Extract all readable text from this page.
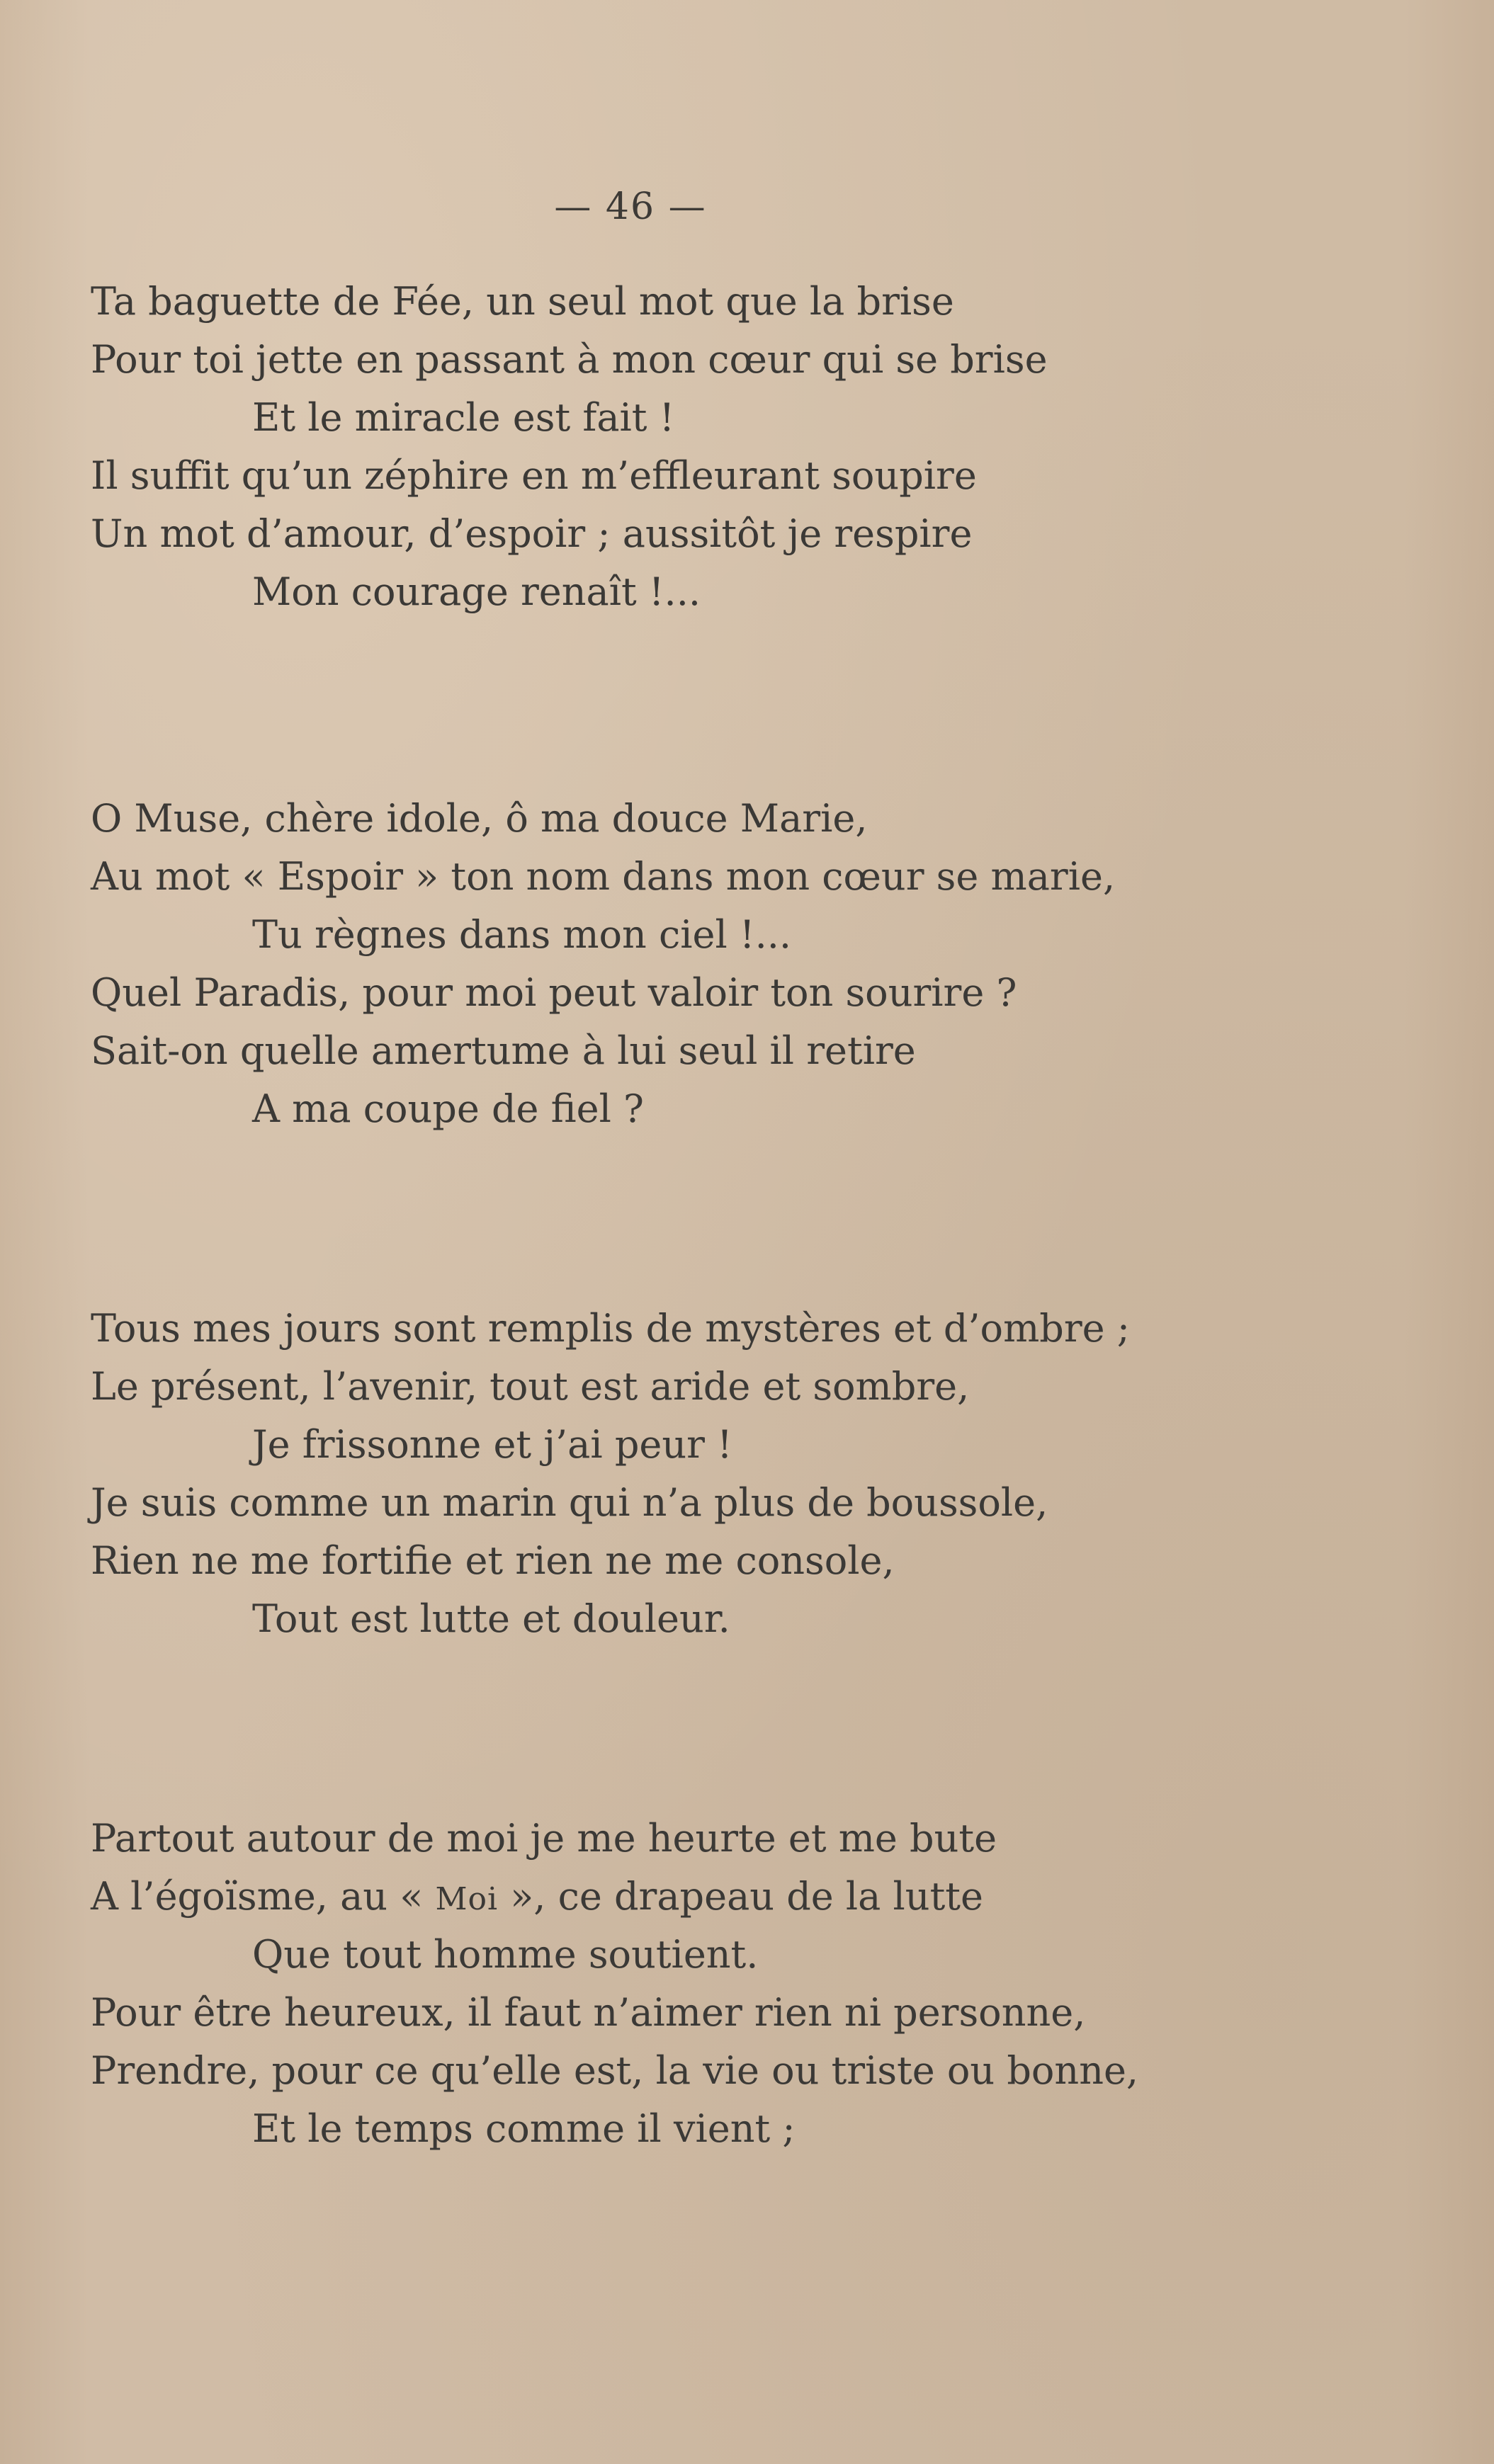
— 46 —
Ta baguette de Fée, un seul mot que la brise
Pour toi jette en passant à mon cœur qui se brise
Et le miracle est fait !
Il suffit qu’un zéphire en m’effleurant soupire
Un mot d’amour, d’espoir ; aussitôt je respire
Mon courage renaît !...
O Muse, chère idole, ô ma douce Marie,
Au mot « Espoir » ton nom dans mon cœur se marie,
Tu règnes dans mon ciel !...
Quel Paradis, pour moi peut valoir ton sourire ?
Sait-on quelle amertume à lui seul il retire
A ma coupe de fiel ?
Tous mes jours sont remplis de mystères et d’ombre ;
Le présent, l’avenir, tout est aride et sombre,
Je frissonne et j’ai peur !
Je suis comme un marin qui n’a plus de boussole,
Rien ne me fortifie et rien ne me console,
Tout est lutte et douleur.
Partout autour de moi je me heurte et me bute
A l’égoïsme, au « Moi », ce drapeau de la lutte
Que tout homme soutient.
Pour être heureux, il faut n’aimer rien ni personne,
Prendre, pour ce qu’elle est, la vie ou triste ou bonne,
Et le temps comme il vient ;
